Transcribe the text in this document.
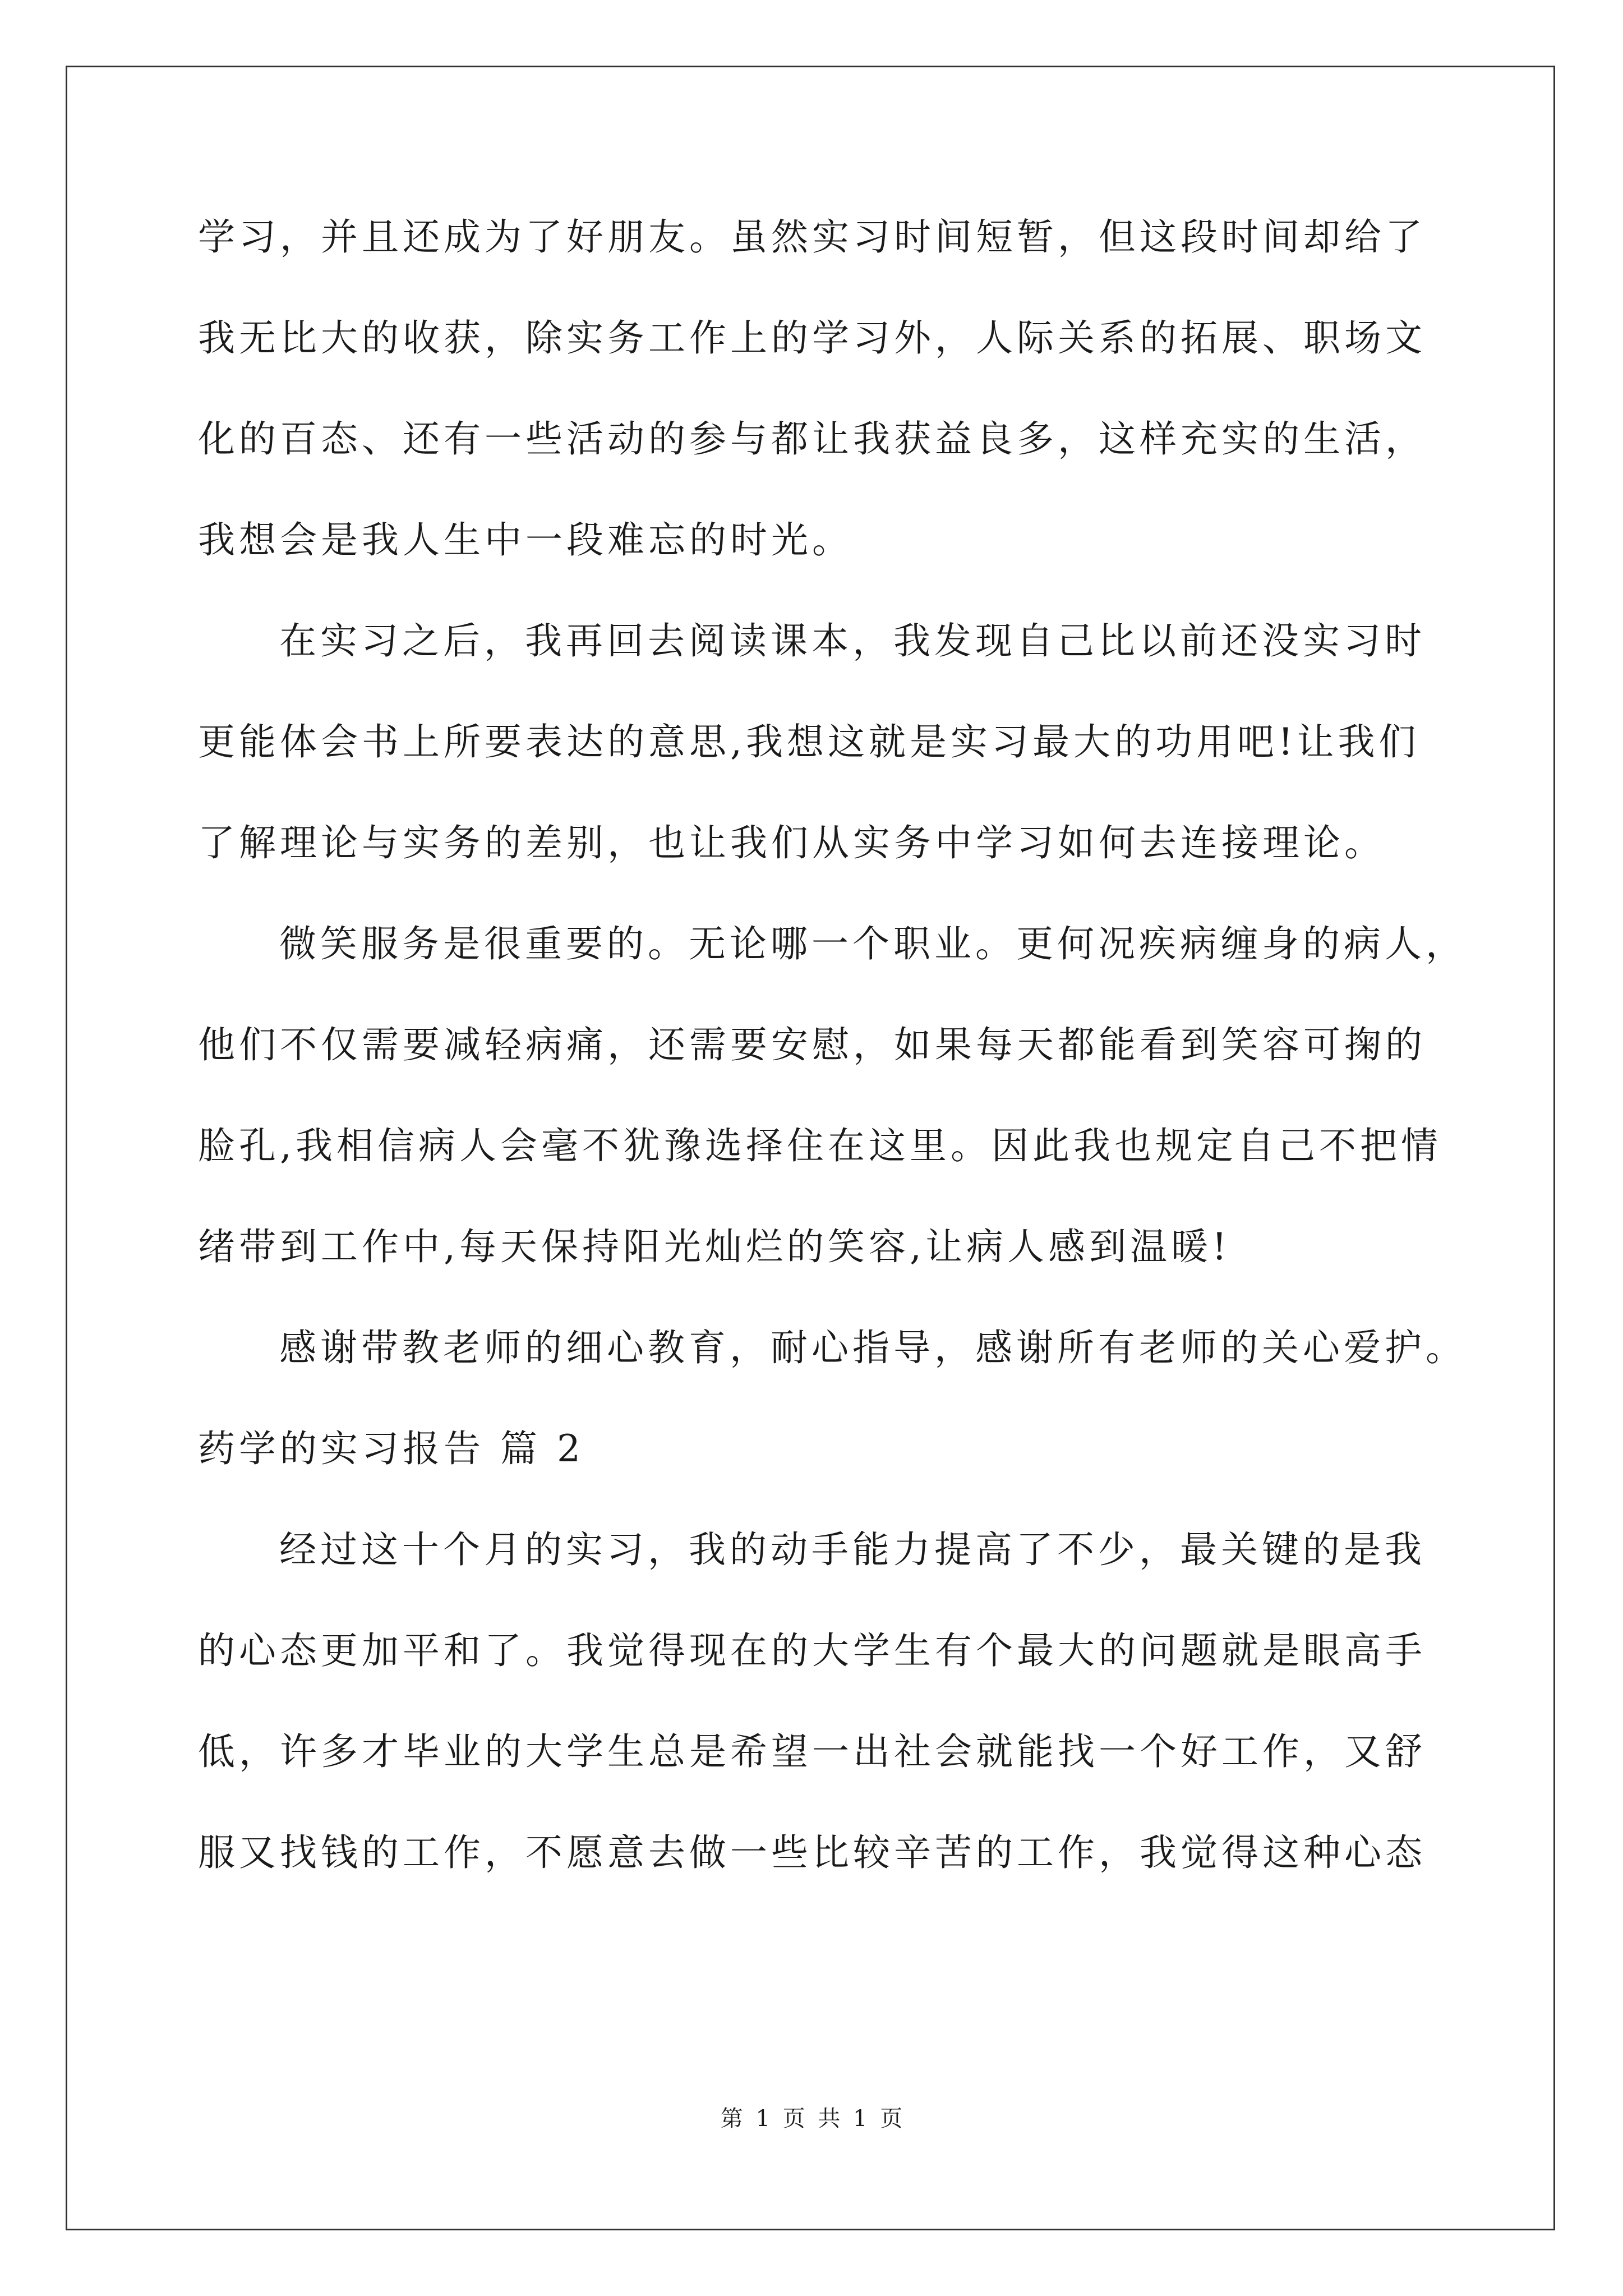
学习，并且还成为了好朋友。虽然实习时间短暂，但这段时间却给了
我无比大的收获，除实务工作上的学习外，人际关系的拓展、职场文
化的百态、还有一些活动的参与都让我获益良多，这样充实的生活，
我想会是我人生中一段难忘的时光。
在实习之后，我再回去阅读课本，我发现自己比以前还没实习时
更能体会书上所要表达的意思,我想这就是实习最大的功用吧!让我们
了解理论与实务的差别，也让我们从实务中学习如何去连接理论。
微笑服务是很重要的。无论哪一个职业。更何况疾病缠身的病人，
他们不仅需要减轻病痛，还需要安慰，如果每天都能看到笑容可掬的
脸孔,我相信病人会毫不犹豫选择住在这里。因此我也规定自己不把情
绪带到工作中,每天保持阳光灿烂的笑容,让病人感到温暖!
感谢带教老师的细心教育，耐心指导，感谢所有老师的关心爱护。
药学的实习报告 篇 2
经过这十个月的实习，我的动手能力提高了不少，最关键的是我
的心态更加平和了。我觉得现在的大学生有个最大的问题就是眼高手
低，许多才毕业的大学生总是希望一出社会就能找一个好工作，又舒
服又找钱的工作，不愿意去做一些比较辛苦的工作，我觉得这种心态
第 1 页 共 1 页
